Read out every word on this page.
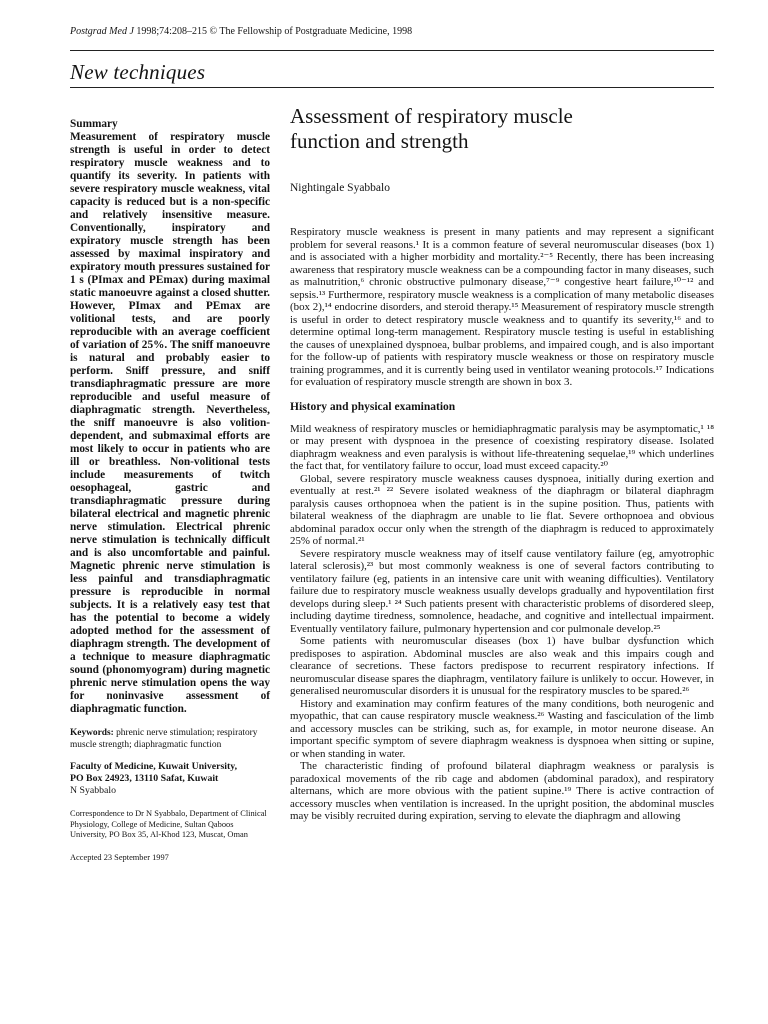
Postgrad Med J 1998;74:208–215 © The Fellowship of Postgraduate Medicine, 1998
New techniques
Summary

Measurement of respiratory muscle strength is useful in order to detect respiratory muscle weakness and to quantify its severity. In patients with severe respiratory muscle weakness, vital capacity is reduced but is a non-specific and relatively insensitive measure. Conventionally, inspiratory and expiratory muscle strength has been assessed by maximal inspiratory and expiratory mouth pressures sustained for 1 s (PImax and PEmax) during maximal static manoeuvre against a closed shutter. However, PImax and PEmax are volitional tests, and are poorly reproducible with an average coefficient of variation of 25%. The sniff manoeuvre is natural and probably easier to perform. Sniff pressure, and sniff transdiaphragmatic pressure are more reproducible and useful measure of diaphragmatic strength. Nevertheless, the sniff manoeuvre is also volition-dependent, and submaximal efforts are most likely to occur in patients who are ill or breathless. Non-volitional tests include measurements of twitch oesophageal, gastric and transdiaphragmatic pressure during bilateral electrical and magnetic phrenic nerve stimulation. Electrical phrenic nerve stimulation is technically difficult and is also uncomfortable and painful. Magnetic phrenic nerve stimulation is less painful and transdiaphragmatic pressure is reproducible in normal subjects. It is a relatively easy test that has the potential to become a widely adopted method for the assessment of diaphragm strength. The development of a technique to measure diaphragmatic sound (phonomyogram) during magnetic phrenic nerve stimulation opens the way for noninvasive assessment of diaphragmatic function.

Keywords: phrenic nerve stimulation; respiratory muscle strength; diaphragmatic function
Faculty of Medicine, Kuwait University,
PO Box 24923, 13110 Safat, Kuwait
N Syabbalo
Correspondence to Dr N Syabbalo, Department of Clinical Physiology, College of Medicine, Sultan Qaboos University, PO Box 35, Al-Khod 123, Muscat, Oman
Accepted 23 September 1997
Assessment of respiratory muscle
function and strength
Nightingale Syabbalo

Respiratory muscle weakness is present in many patients and may represent a significant problem for several reasons.¹ It is a common feature of several neuromuscular diseases (box 1) and is associated with a higher morbidity and mortality.²⁻⁵ Recently, there has been increasing awareness that respiratory muscle weakness can be a compounding factor in many diseases, such as malnutrition,⁶ chronic obstructive pulmonary disease,⁷⁻⁹ congestive heart failure,¹⁰⁻¹² and sepsis.¹³ Furthermore, respiratory muscle weakness is a complication of many metabolic diseases (box 2),¹⁴ endocrine disorders, and steroid therapy.¹⁵ Measurement of respiratory muscle strength is useful in order to detect respiratory muscle weakness and to quantify its severity,¹⁶ and to determine optimal long-term management. Respiratory muscle testing is useful in establishing the causes of unexplained dyspnoea, bulbar problems, and impaired cough, and is also important for the follow-up of patients with respiratory muscle weakness or those on respiratory muscle training programmes, and it is currently being used in ventilator weaning protocols.¹⁷ Indications for evaluation of respiratory muscle strength are shown in box 3.

History and physical examination

Mild weakness of respiratory muscles or hemidiaphragmatic paralysis may be asymptomatic,¹ ¹⁸ or may present with dyspnoea in the presence of coexisting respiratory disease. Isolated diaphragm weakness and even paralysis is without life-threatening sequelae,¹⁹ which underlines the fact that, for ventilatory failure to occur, load must exceed capacity.²⁰

Global, severe respiratory muscle weakness causes dyspnoea, initially during exertion and eventually at rest.²¹ ²² Severe isolated weakness of the diaphragm or bilateral diaphragm paralysis causes orthopnoea when the patient is in the supine position. Thus, patients with bilateral weakness of the diaphragm are unable to lie flat. Severe orthopnoea and obvious abdominal paradox occur only when the strength of the diaphragm is reduced to approximately 25% of normal.²¹

Severe respiratory muscle weakness may of itself cause ventilatory failure (eg, amyotrophic lateral sclerosis),²³ but most commonly weakness is one of several factors contributing to ventilatory failure (eg, patients in an intensive care unit with weaning difficulties). Ventilatory failure due to respiratory muscle weakness usually develops gradually and hypoventilation first develops during sleep.¹ ²⁴ Such patients present with characteristic problems of disordered sleep, including daytime tiredness, somnolence, headache, and cognitive and intellectual impairment. Eventually ventilatory failure, pulmonary hypertension and cor pulmonale develop.²⁵

Some patients with neuromuscular diseases (box 1) have bulbar dysfunction which predisposes to aspiration. Abdominal muscles are also weak and this impairs cough and clearance of secretions. These factors predispose to recurrent respiratory infections. If neuromuscular disease spares the diaphragm, ventilatory failure is unlikely to occur. However, in generalised neuromuscular disorders it is unusual for the respiratory muscles to be spared.²⁶

History and examination may confirm features of the many conditions, both neurogenic and myopathic, that can cause respiratory muscle weakness.²⁶ Wasting and fasciculation of the limb and accessory muscles can be striking, such as, for example, in motor neurone disease. An important specific symptom of severe diaphragm weakness is dyspnoea when sitting or supine, or when standing in water.

The characteristic finding of profound bilateral diaphragm weakness or paralysis is paradoxical movements of the rib cage and abdomen (abdominal paradox), and respiratory alternans, which are more obvious with the patient supine.¹⁹ There is active contraction of accessory muscles when ventilation is increased. In the upright position, the abdominal muscles may be visibly recruited during expiration, serving to elevate the diaphragm and allowing
